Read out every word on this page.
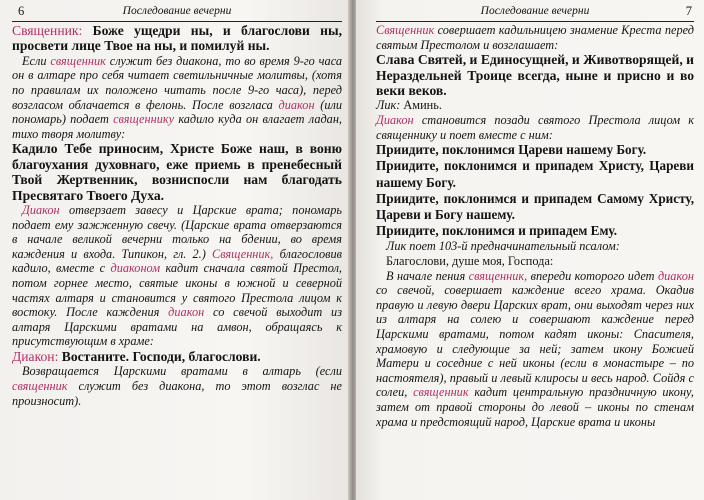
6	Последование вечерни

Священник: Боже ущедри ны, и благослови ны, просвети лице Твое на ны, и помилуй ны.

Если священник служит без диакона, то во время 9-го часа он в алтаре про себя читает светильничные молитвы, (хотя по правилам их положено читать после 9-го часа), перед возгласом облачается в фелонь. После возгласа диакон (или пономарь) подает священнику кадило куда он влагает ладан, тихо творя молитву:

Кадило Тебе приносим, Христе Боже наш, в воню благоухания духовнаго, еже приемь в пренебесный Твой Жертвенник, возниспосли нам благодать Пресвятаго Твоего Духа.

Диакон отверзает завесу и Царские врата; пономарь подает ему зажженную свечу. (Царские врата отверзаются в начале великой вечерни только на бдении, во время каждения и входа. Типикон, гл. 2.) Священник, благословив кадило, вместе с диаконом кадит сначала святой Престол, потом горнее место, святые иконы в южной и северной частях алтаря и становится у святого Престола лицом к востоку. После каждения диакон со свечой выходит из алтаря Царскими вратами на амвон, обращаясь к присутствующим в храме:

Диакон: Востаните. Господи, благослови.

Возвращается Царскими вратами в алтарь (если священник служит без диакона, то этот возглас не произносит).

Последование вечерни	7

Священник совершает кадильницею знамение Креста перед святым Престолом и возглашает:

Слава Святей, и Единосущней, и Животворящей, и Нераздельней Троице всегда, ныне и присно и во веки веков.

Лик: Аминь.

Диакон становится позади святого Престола лицом к священнику и поет вместе с ним:

Приидите, поклонимся Цареви нашему Богу.

Приидите, поклонимся и припадем Христу, Цареви нашему Богу.

Приидите, поклонимся и припадем Самому Христу, Цареви и Богу нашему.

Приидите, поклонимся и припадем Ему.

Лик поет 103-й предначинательный псалом:

Благослови, душе моя, Господа:

В начале пения священник, впереди которого идет диакон со свечой, совершает каждение всего храма. Окадив правую и левую двери Царских врат, они выходят через них из алтаря на солею и совершают каждение перед Царскими вратами, потом кадят иконы: Спасителя, храмовую и следующие за ней; затем икону Божией Матери и соседние с ней иконы (если в монастыре – по настоятеля), правый и левый клиросы и весь народ. Сойдя с солеи, священник кадит центральную праздничную икону, затем от правой стороны до левой – иконы по стенам храма и предстоящий народ, Царские врата и иконы
